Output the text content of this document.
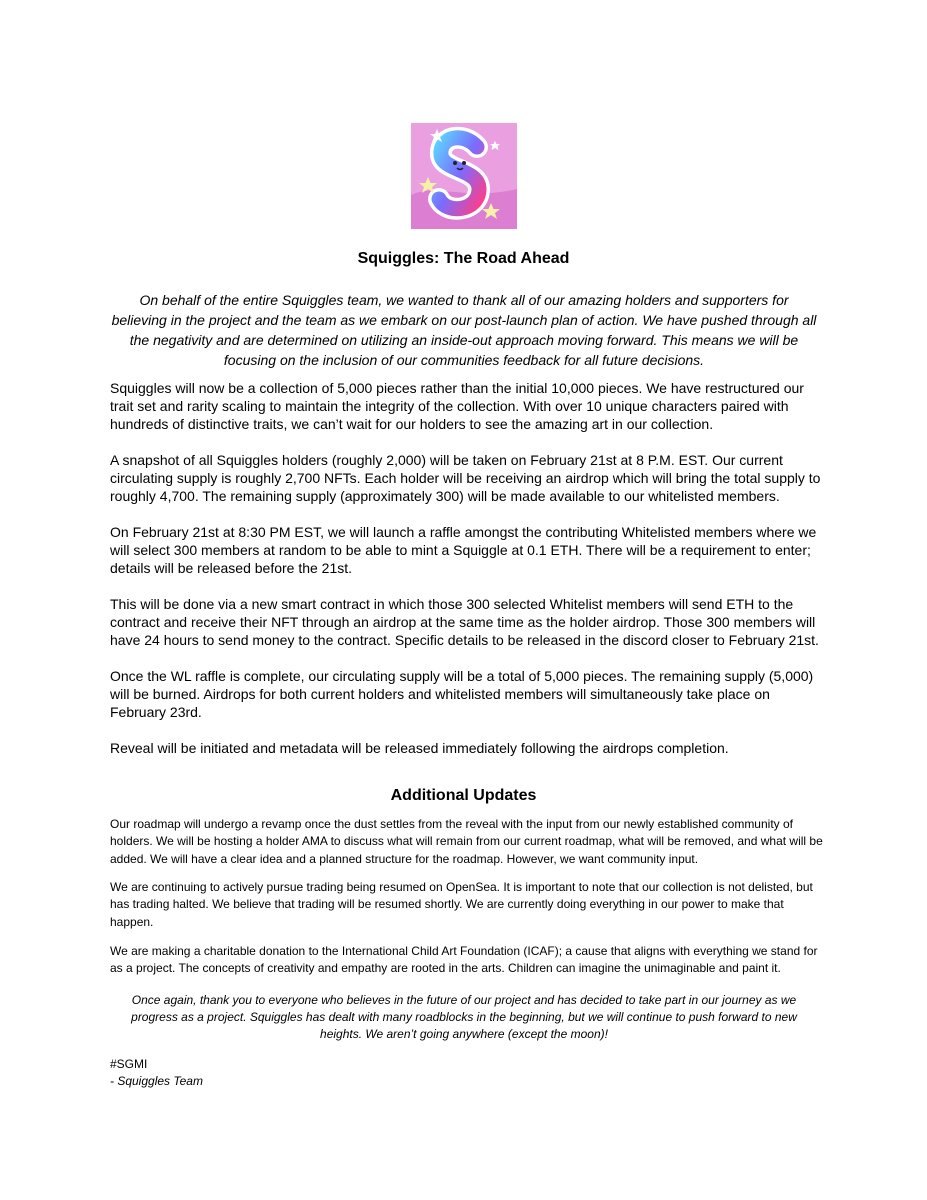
Squiggles: The Road Ahead

On behalf of the entire Squiggles team, we wanted to thank all of our amazing holders and supporters for believing in the project and the team as we embark on our post-launch plan of action. We have pushed through all the negativity and are determined on utilizing an inside-out approach moving forward. This means we will be focusing on the inclusion of our communities feedback for all future decisions.

Squiggles will now be a collection of 5,000 pieces rather than the initial 10,000 pieces. We have restructured our trait set and rarity scaling to maintain the integrity of the collection. With over 10 unique characters paired with hundreds of distinctive traits, we can’t wait for our holders to see the amazing art in our collection.

A snapshot of all Squiggles holders (roughly 2,000) will be taken on February 21st at 8 P.M. EST. Our current circulating supply is roughly 2,700 NFTs. Each holder will be receiving an airdrop which will bring the total supply to roughly 4,700. The remaining supply (approximately 300) will be made available to our whitelisted members.

On February 21st at 8:30 PM EST, we will launch a raffle amongst the contributing Whitelisted members where we will select 300 members at random to be able to mint a Squiggle at 0.1 ETH. There will be a requirement to enter; details will be released before the 21st.

This will be done via a new smart contract in which those 300 selected Whitelist members will send ETH to the contract and receive their NFT through an airdrop at the same time as the holder airdrop. Those 300 members will have 24 hours to send money to the contract. Specific details to be released in the discord closer to February 21st.

Once the WL raffle is complete, our circulating supply will be a total of 5,000 pieces. The remaining supply (5,000) will be burned. Airdrops for both current holders and whitelisted members will simultaneously take place on February 23rd.

Reveal will be initiated and metadata will be released immediately following the airdrops completion.

Additional Updates

Our roadmap will undergo a revamp once the dust settles from the reveal with the input from our newly established community of holders. We will be hosting a holder AMA to discuss what will remain from our current roadmap, what will be removed, and what will be added. We will have a clear idea and a planned structure for the roadmap. However, we want community input.

We are continuing to actively pursue trading being resumed on OpenSea. It is important to note that our collection is not delisted, but has trading halted. We believe that trading will be resumed shortly. We are currently doing everything in our power to make that happen.

We are making a charitable donation to the International Child Art Foundation (ICAF); a cause that aligns with everything we stand for as a project. The concepts of creativity and empathy are rooted in the arts. Children can imagine the unimaginable and paint it.

Once again, thank you to everyone who believes in the future of our project and has decided to take part in our journey as we progress as a project. Squiggles has dealt with many roadblocks in the beginning, but we will continue to push forward to new heights. We aren’t going anywhere (except the moon)!

#SGMI

- Squiggles Team
